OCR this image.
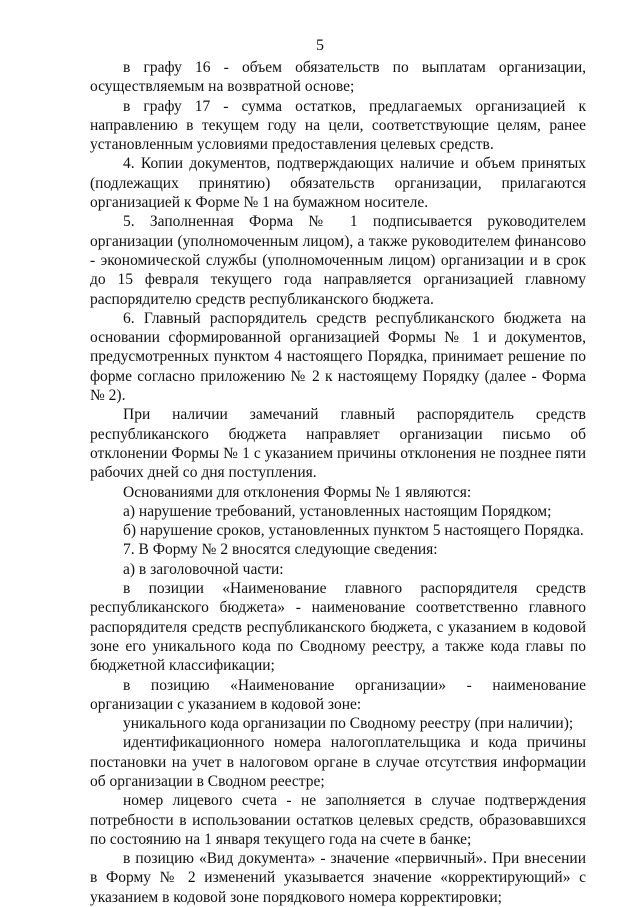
5

в графу 16 - объем обязательств по выплатам организации, осуществляемым на возвратной основе;

в графу 17 - сумма остатков, предлагаемых организацией к направлению в текущем году на цели, соответствующие целям, ранее установленным условиями предоставления целевых средств.

4. Копии документов, подтверждающих наличие и объем принятых (подлежащих принятию) обязательств организации, прилагаются организацией к Форме № 1 на бумажном носителе.

5. Заполненная Форма № 1 подписывается руководителем организации (уполномоченным лицом), а также руководителем финансово - экономической службы (уполномоченным лицом) организации и в срок до 15 февраля текущего года направляется организацией главному распорядителю средств республиканского бюджета.

6. Главный распорядитель средств республиканского бюджета на основании сформированной организацией Формы № 1 и документов, предусмотренных пунктом 4 настоящего Порядка, принимает решение по форме согласно приложению № 2 к настоящему Порядку (далее - Форма № 2).

При наличии замечаний главный распорядитель средств республиканского бюджета направляет организации письмо об отклонении Формы № 1 с указанием причины отклонения не позднее пяти рабочих дней со дня поступления.

Основаниями для отклонения Формы № 1 являются:

а) нарушение требований, установленных настоящим Порядком;

б) нарушение сроков, установленных пунктом 5 настоящего Порядка.

7. В Форму № 2 вносятся следующие сведения:

а) в заголовочной части:

в позиции «Наименование главного распорядителя средств республиканского бюджета» - наименование соответственно главного распорядителя средств республиканского бюджета, с указанием в кодовой зоне его уникального кода по Сводному реестру, а также кода главы по бюджетной классификации;

в позицию «Наименование организации» - наименование организации с указанием в кодовой зоне:

уникального кода организации по Сводному реестру (при наличии);

идентификационного номера налогоплательщика и кода причины постановки на учет в налоговом органе в случае отсутствия информации об организации в Сводном реестре;

номер лицевого счета - не заполняется в случае подтверждения потребности в использовании остатков целевых средств, образовавшихся по состоянию на 1 января текущего года на счете в банке;

в позицию «Вид документа» - значение «первичный». При внесении в Форму № 2 изменений указывается значение «корректирующий» с указанием в кодовой зоне порядкового номера корректировки;
